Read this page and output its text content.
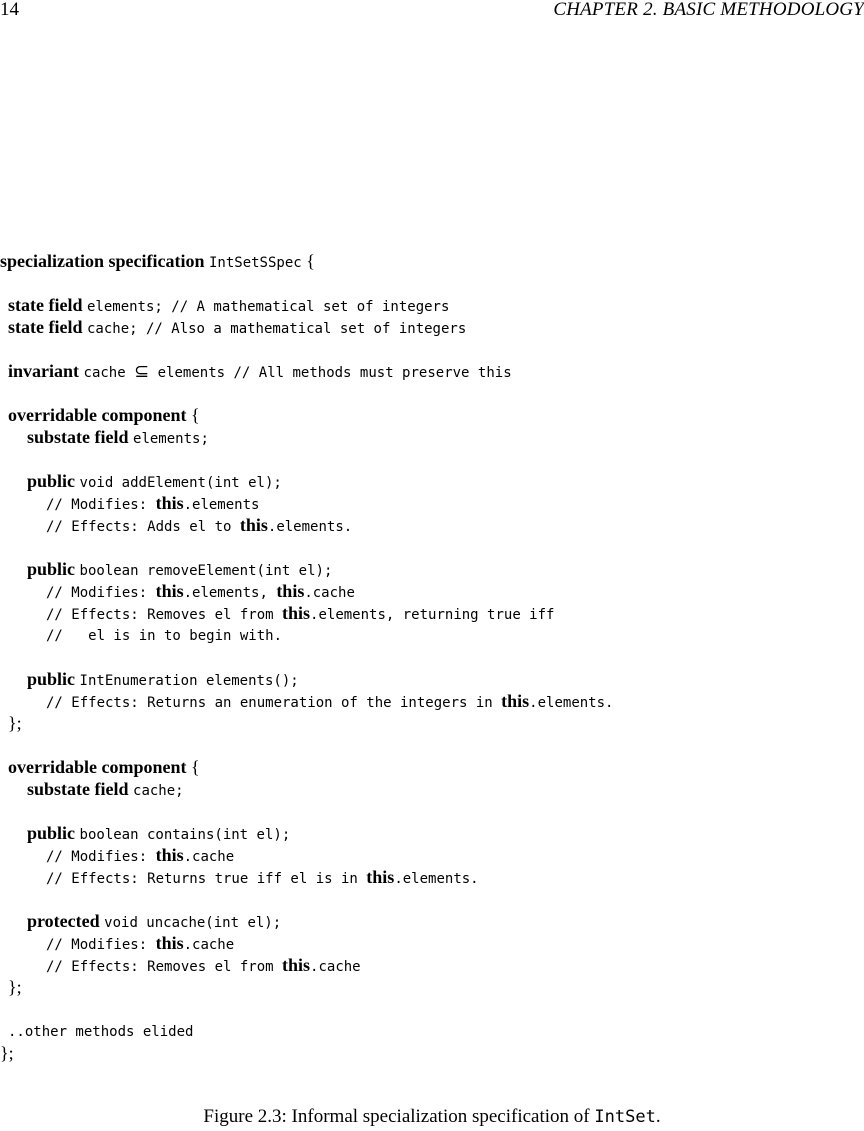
14	CHAPTER 2. BASIC METHODOLOGY
specialization specification IntSetSSpec {
state field elements; // A mathematical set of integers
state field cache; // Also a mathematical set of integers
invariant cache ⊆ elements // All methods must preserve this
overridable component {
substate field elements;
public void addElement(int el);
// Modifies: this.elements
// Effects: Adds el to this.elements.
public boolean removeElement(int el);
// Modifies: this.elements, this.cache
// Effects: Removes el from this.elements, returning true iff
//   el is in to begin with.
public IntEnumeration elements();
// Effects: Returns an enumeration of the integers in this.elements.
};
overridable component {
substate field cache;
public boolean contains(int el);
// Modifies: this.cache
// Effects: Returns true iff el is in this.elements.
protected void uncache(int el);
// Modifies: this.cache
// Effects: Removes el from this.cache
};
..other methods elided
};
Figure 2.3: Informal specialization specification of IntSet.
